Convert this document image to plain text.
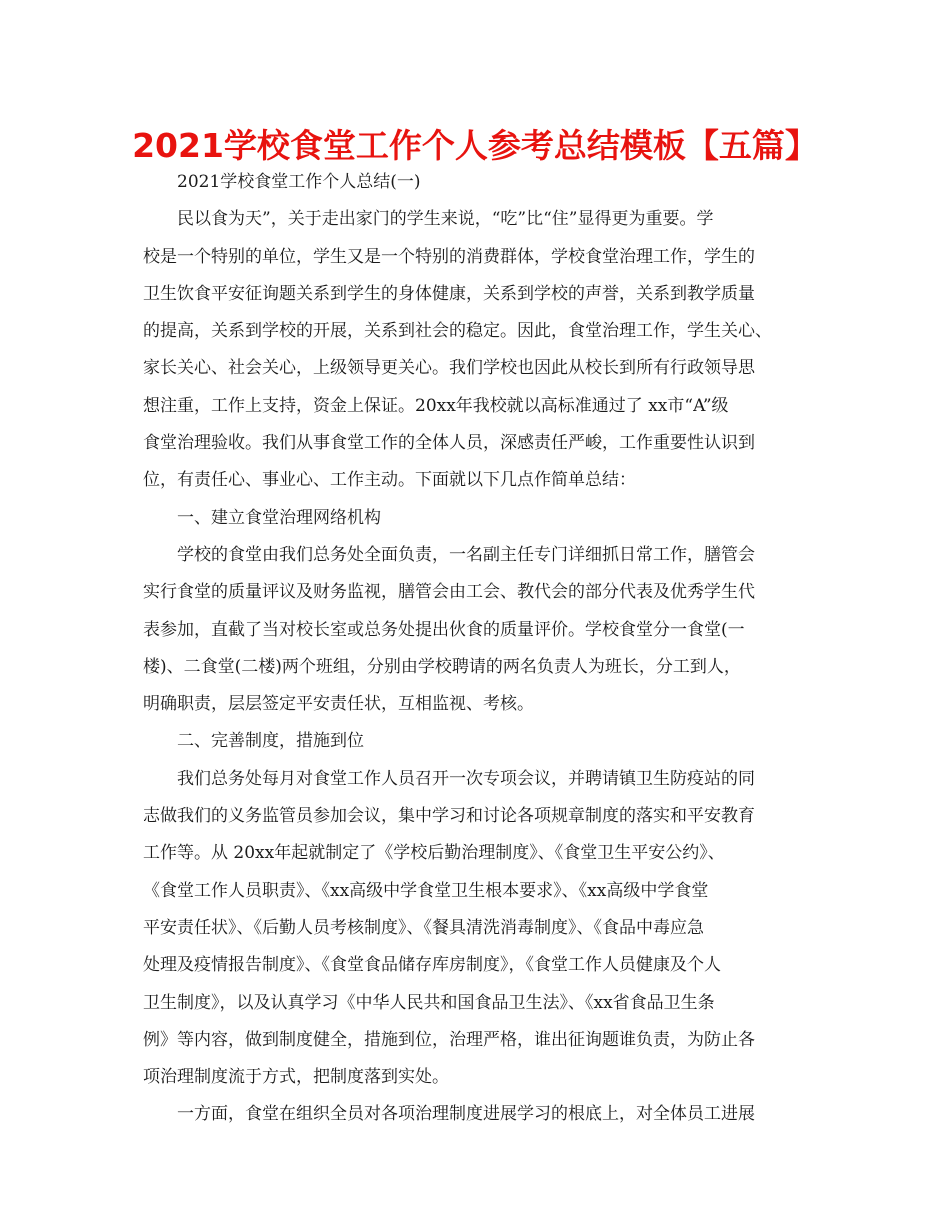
2021学校食堂工作个人参考总结模板【五篇】
2021学校食堂工作个人总结(一)
民以食为天”，关于走出家门的学生来说，“吃”比“住”显得更为重要。学
校是一个特别的单位，学生又是一个特别的消费群体，学校食堂治理工作，学生的
卫生饮食平安征询题关系到学生的身体健康，关系到学校的声誉，关系到教学质量
的提高，关系到学校的开展，关系到社会的稳定。因此，食堂治理工作，学生关心、
家长关心、社会关心，上级领导更关心。我们学校也因此从校长到所有行政领导思
想注重，工作上支持，资金上保证。20xx年我校就以高标准通过了 xx市“A”级
食堂治理验收。我们从事食堂工作的全体人员，深感责任严峻，工作重要性认识到
位，有责任心、事业心、工作主动。下面就以下几点作简单总结：
一、建立食堂治理网络机构
学校的食堂由我们总务处全面负责，一名副主任专门详细抓日常工作，膳管会
实行食堂的质量评议及财务监视，膳管会由工会、教代会的部分代表及优秀学生代
表参加，直截了当对校长室或总务处提出伙食的质量评价。学校食堂分一食堂(一
楼)、二食堂(二楼)两个班组，分别由学校聘请的两名负责人为班长，分工到人，
明确职责，层层签定平安责任状，互相监视、考核。
二、完善制度，措施到位
我们总务处每月对食堂工作人员召开一次专项会议，并聘请镇卫生防疫站的同
志做我们的义务监管员参加会议，集中学习和讨论各项规章制度的落实和平安教育
工作等。从 20xx年起就制定了《学校后勤治理制度》、《食堂卫生平安公约》、
《食堂工作人员职责》、《xx高级中学食堂卫生根本要求》、《xx高级中学食堂
平安责任状》、《后勤人员考核制度》、《餐具清洗消毒制度》、《食品中毒应急
处理及疫情报告制度》、《食堂食品储存库房制度》，《食堂工作人员健康及个人
卫生制度》，以及认真学习《中华人民共和国食品卫生法》、《xx省食品卫生条
例》等内容，做到制度健全，措施到位，治理严格，谁出征询题谁负责，为防止各
项治理制度流于方式，把制度落到实处。
一方面，食堂在组织全员对各项治理制度进展学习的根底上，对全体员工进展
